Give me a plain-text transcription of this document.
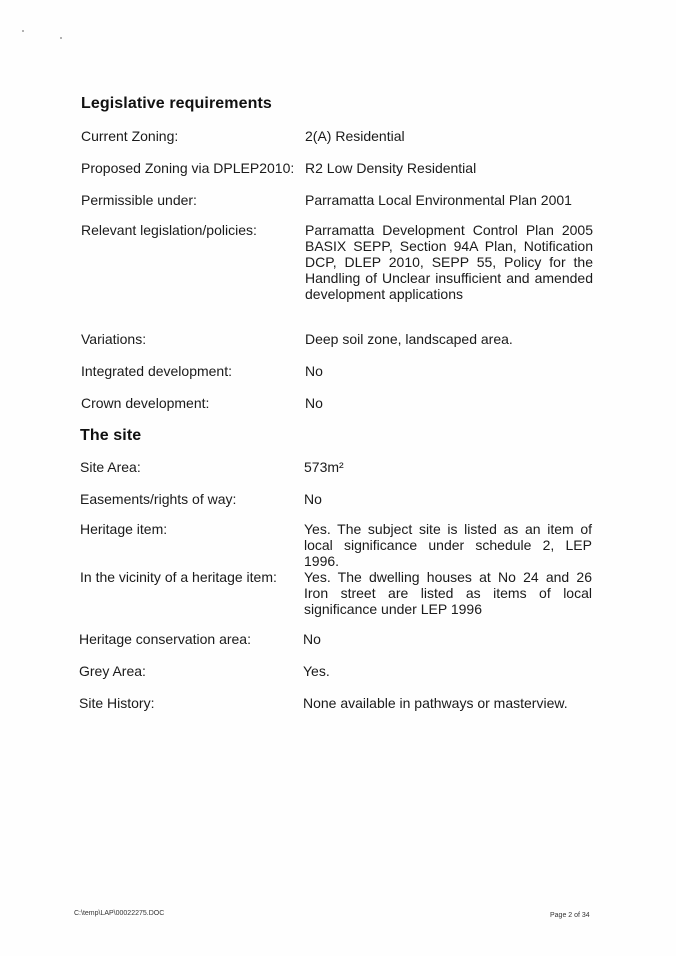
Legislative requirements
Current Zoning:	2(A) Residential
Proposed Zoning via DPLEP2010: R2 Low Density Residential
Permissible under:	Parramatta Local Environmental Plan 2001
Relevant legislation/policies:	Parramatta Development Control Plan 2005 BASIX SEPP, Section 94A Plan, Notification DCP, DLEP 2010, SEPP 55, Policy for the Handling of Unclear insufficient and amended development applications
Variations:	Deep soil zone, landscaped area.
Integrated development:	No
Crown development:	No
The site
Site Area:	573m²
Easements/rights of way:	No
Heritage item:	Yes. The subject site is listed as an item of local significance under schedule 2, LEP 1996.
In the vicinity of a heritage item: Yes. The dwelling houses at No 24 and 26 Iron street are listed as items of local significance under LEP 1996
Heritage conservation area:	No
Grey Area:	Yes.
Site History:	None available in pathways or masterview.
C:\temp\LAP\00022275.DOC	Page 2 of 34
